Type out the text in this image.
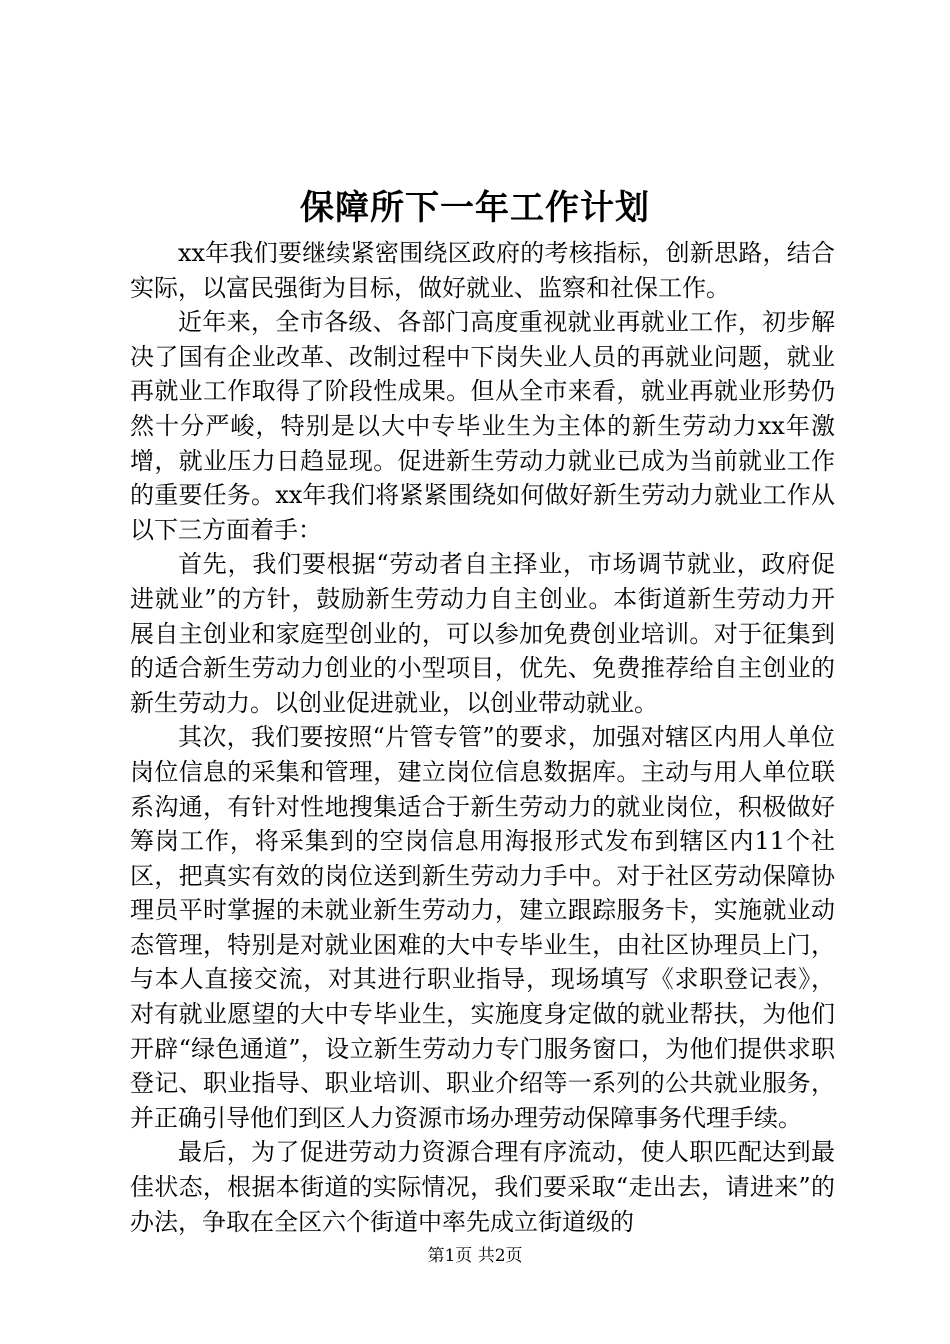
保障所下一年工作计划

xx年我们要继续紧密围绕区政府的考核指标，创新思路，结合实际，以富民强街为目标，做好就业、监察和社保工作。

近年来，全市各级、各部门高度重视就业再就业工作，初步解决了国有企业改革、改制过程中下岗失业人员的再就业问题，就业再就业工作取得了阶段性成果。但从全市来看，就业再就业形势仍然十分严峻，特别是以大中专毕业生为主体的新生劳动力xx年激增，就业压力日趋显现。促进新生劳动力就业已成为当前就业工作的重要任务。xx年我们将紧紧围绕如何做好新生劳动力就业工作从以下三方面着手：

首先，我们要根据“劳动者自主择业，市场调节就业，政府促进就业”的方针，鼓励新生劳动力自主创业。本街道新生劳动力开展自主创业和家庭型创业的，可以参加免费创业培训。对于征集到的适合新生劳动力创业的小型项目，优先、免费推荐给自主创业的新生劳动力。以创业促进就业，以创业带动就业。

其次，我们要按照“片管专管”的要求，加强对辖区内用人单位岗位信息的采集和管理，建立岗位信息数据库。主动与用人单位联系沟通，有针对性地搜集适合于新生劳动力的就业岗位，积极做好筹岗工作，将采集到的空岗信息用海报形式发布到辖区内11个社区，把真实有效的岗位送到新生劳动力手中。对于社区劳动保障协理员平时掌握的未就业新生劳动力，建立跟踪服务卡，实施就业动态管理，特别是对就业困难的大中专毕业生，由社区协理员上门，与本人直接交流，对其进行职业指导，现场填写《求职登记表》，对有就业愿望的大中专毕业生，实施度身定做的就业帮扶，为他们开辟“绿色通道”，设立新生劳动力专门服务窗口，为他们提供求职登记、职业指导、职业培训、职业介绍等一系列的公共就业服务，并正确引导他们到区人力资源市场办理劳动保障事务代理手续。

最后，为了促进劳动力资源合理有序流动，使人职匹配达到最佳状态，根据本街道的实际情况，我们要采取“走出去，请进来”的办法，争取在全区六个街道中率先成立街道级的

第1页 共2页
